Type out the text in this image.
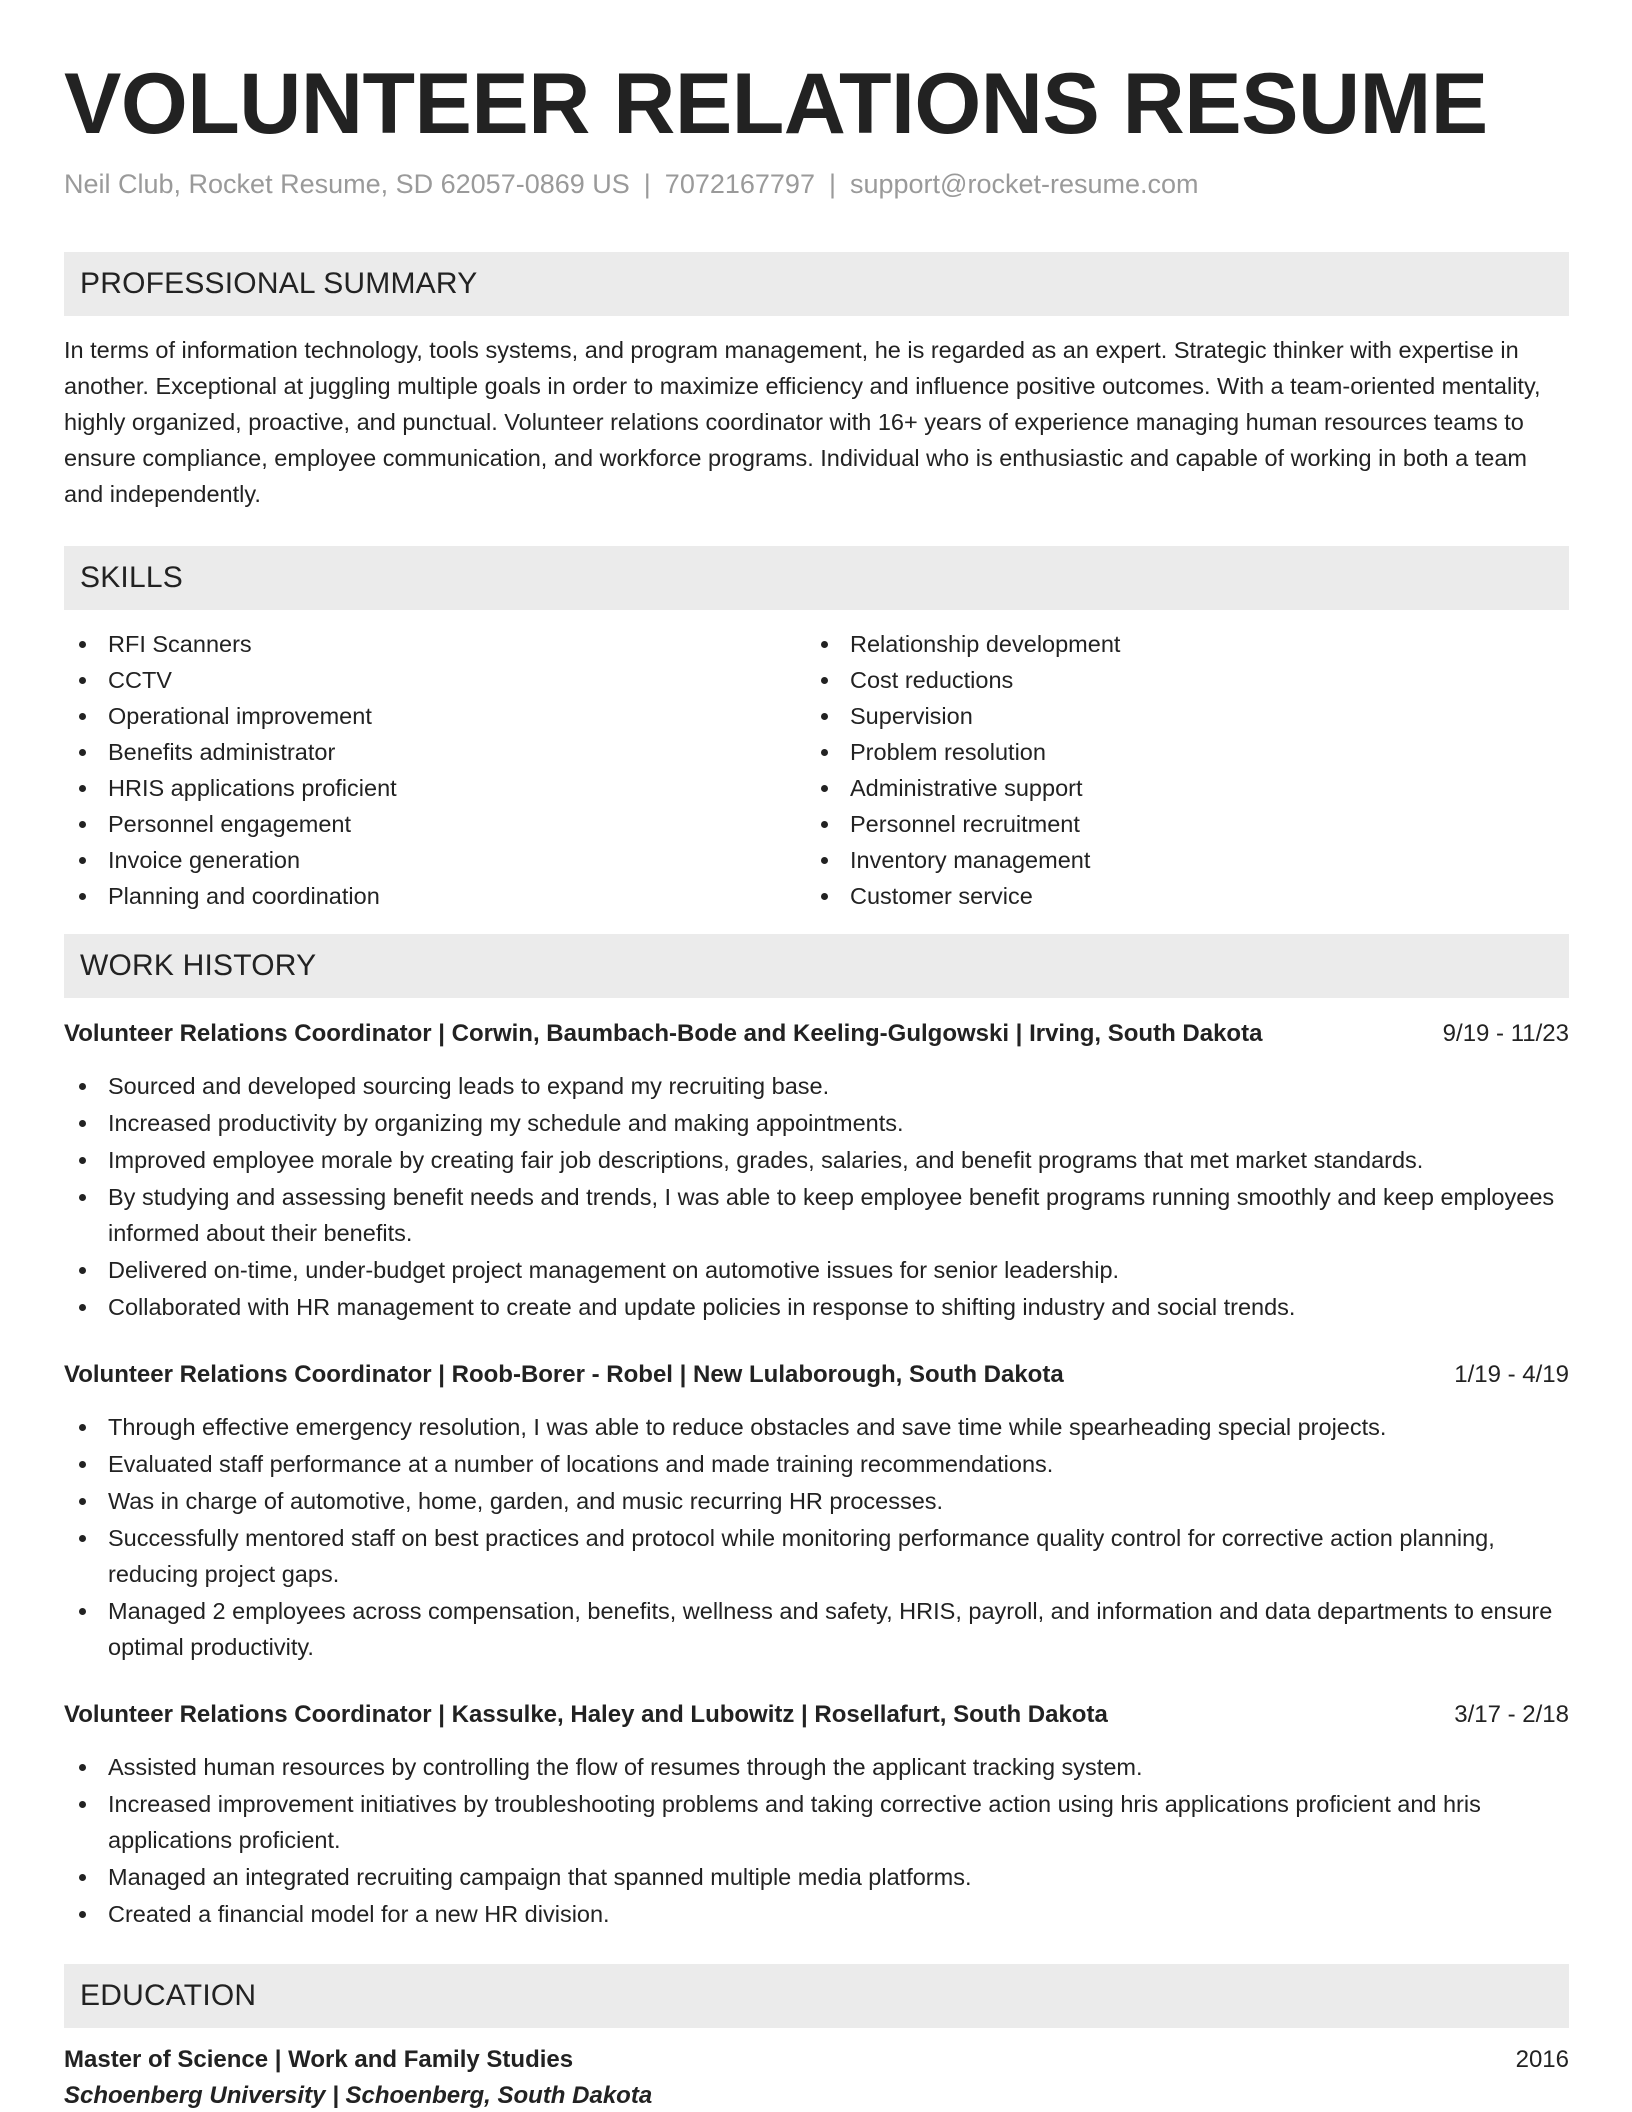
VOLUNTEER RELATIONS RESUME
Neil Club, Rocket Resume, SD 62057-0869 US | 7072167797 | support@rocket-resume.com
PROFESSIONAL SUMMARY

In terms of information technology, tools systems, and program management, he is regarded as an expert. Strategic thinker with expertise in another. Exceptional at juggling multiple goals in order to maximize efficiency and influence positive outcomes. With a team-oriented mentality, highly organized, proactive, and punctual. Volunteer relations coordinator with 16+ years of experience managing human resources teams to ensure compliance, employee communication, and workforce programs. Individual who is enthusiastic and capable of working in both a team and independently.

SKILLS
RFI Scanners
CCTV
Operational improvement
Benefits administrator
HRIS applications proficient
Personnel engagement
Invoice generation
Planning and coordination
Relationship development
Cost reductions
Supervision
Problem resolution
Administrative support
Personnel recruitment
Inventory management
Customer service
WORK HISTORY
Volunteer Relations Coordinator | Corwin, Baumbach-Bode and Keeling-Gulgowski | Irving, South Dakota	9/19 - 11/23
Sourced and developed sourcing leads to expand my recruiting base.
Increased productivity by organizing my schedule and making appointments.
Improved employee morale by creating fair job descriptions, grades, salaries, and benefit programs that met market standards.
By studying and assessing benefit needs and trends, I was able to keep employee benefit programs running smoothly and keep employees informed about their benefits.
Delivered on-time, under-budget project management on automotive issues for senior leadership.
Collaborated with HR management to create and update policies in response to shifting industry and social trends.
Volunteer Relations Coordinator | Roob-Borer - Robel | New Lulaborough, South Dakota	1/19 - 4/19
Through effective emergency resolution, I was able to reduce obstacles and save time while spearheading special projects.
Evaluated staff performance at a number of locations and made training recommendations.
Was in charge of automotive, home, garden, and music recurring HR processes.
Successfully mentored staff on best practices and protocol while monitoring performance quality control for corrective action planning, reducing project gaps.
Managed 2 employees across compensation, benefits, wellness and safety, HRIS, payroll, and information and data departments to ensure optimal productivity.
Volunteer Relations Coordinator | Kassulke, Haley and Lubowitz | Rosellafurt, South Dakota	3/17 - 2/18
Assisted human resources by controlling the flow of resumes through the applicant tracking system.
Increased improvement initiatives by troubleshooting problems and taking corrective action using hris applications proficient and hris applications proficient.
Managed an integrated recruiting campaign that spanned multiple media platforms.
Created a financial model for a new HR division.
EDUCATION
Master of Science | Work and Family Studies	2016
Schoenberg University | Schoenberg, South Dakota
